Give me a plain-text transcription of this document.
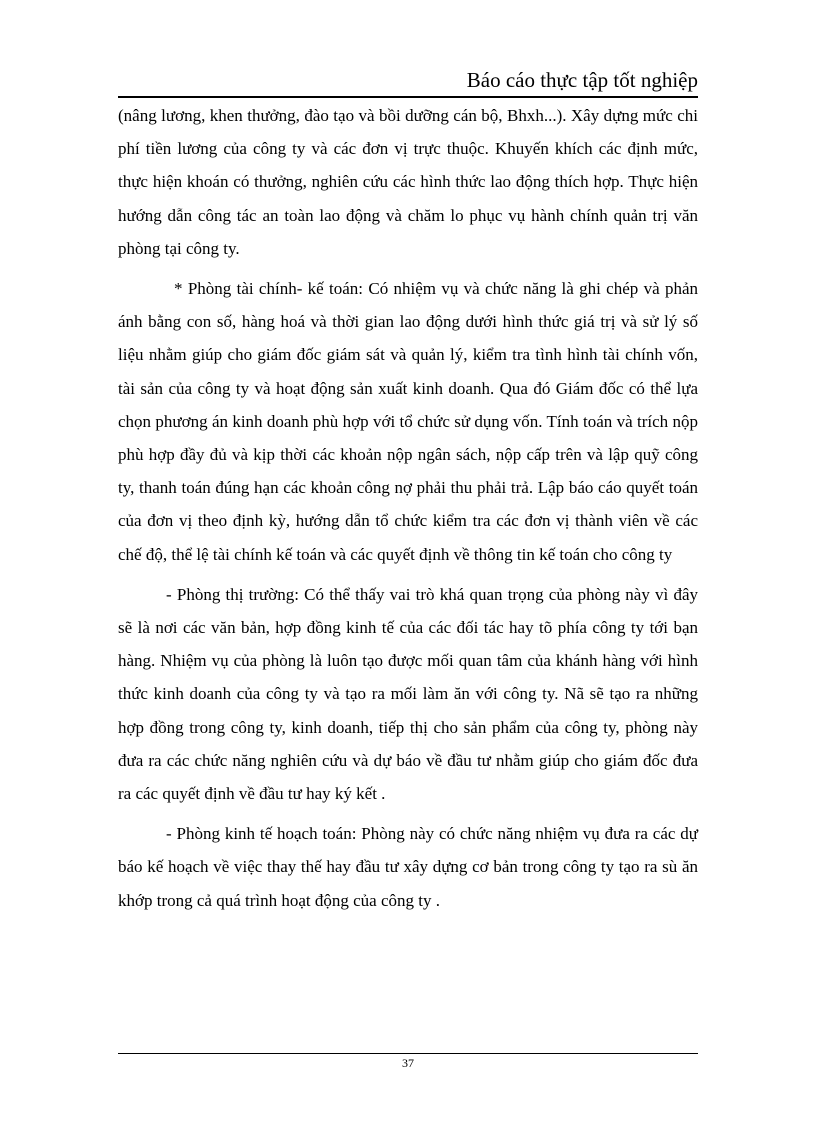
Báo cáo thực tập tốt nghiệp

(nâng lương, khen thưởng, đào tạo và bồi dưỡng cán bộ, Bhxh...). Xây dựng mức chi phí tiền lương của công ty và các đơn vị trực thuộc. Khuyến khích các định mức, thực hiện khoán có thưởng, nghiên cứu các hình thức lao động thích hợp. Thực hiện hướng dẫn công tác an toàn lao động và chăm lo phục vụ hành chính quản trị văn phòng tại công ty.

* Phòng tài chính- kế toán: Có nhiệm vụ và chức năng là ghi chép và phản ánh bằng con số, hàng hoá và thời gian lao động dưới hình thức giá trị và sử lý số liệu nhằm giúp cho giám đốc giám sát và quản lý, kiểm tra tình hình tài chính vốn, tài sản của công ty và hoạt động sản xuất kinh doanh. Qua đó Giám đốc có thể lựa chọn phương án kinh doanh phù hợp với tổ chức sử dụng vốn. Tính toán và trích nộp phù hợp đầy đủ và kịp thời các khoản nộp ngân sách, nộp cấp trên và lập quỹ công ty, thanh toán đúng hạn các khoản công nợ phải thu phải trả. Lập báo cáo quyết toán của đơn vị theo định kỳ, hướng dẫn tổ chức kiểm tra các đơn vị thành viên về các chế độ, thể lệ tài chính kế toán và các quyết định về thông tin kế toán cho công ty

- Phòng thị trường: Có thể thấy vai trò khá quan trọng của phòng này vì đây sẽ là nơi các văn bản, hợp đồng kinh tế của các đối tác hay tõ phía công ty tới bạn hàng. Nhiệm vụ của phòng là luôn tạo được mối quan tâm của khánh hàng với hình thức kinh doanh của công ty và tạo ra mối làm ăn với công ty. Nã sẽ tạo ra những hợp đồng trong công ty, kinh doanh, tiếp thị cho sản phẩm của công ty, phòng này đưa ra các chức năng nghiên cứu và dự báo về đầu tư nhằm giúp cho giám đốc đưa ra các quyết định về đầu tư hay ký kết .

- Phòng kinh tế hoạch toán: Phòng này có chức năng nhiệm vụ đưa ra các dự báo kế hoạch về việc thay thế hay đầu tư xây dựng cơ bản trong công ty tạo ra sù ăn khớp trong cả quá trình hoạt động của công ty .

37
